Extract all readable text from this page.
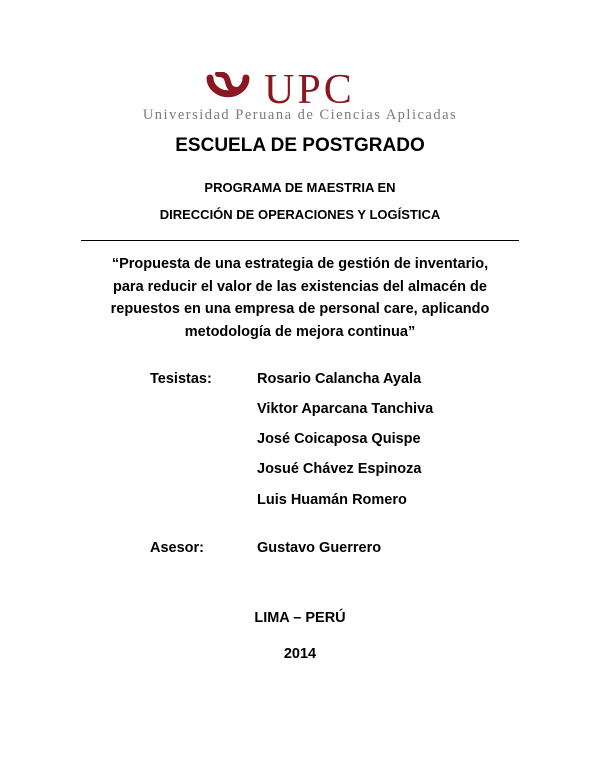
UPC
Universidad Peruana de Ciencias Aplicadas
ESCUELA DE POSTGRADO
PROGRAMA DE MAESTRIA EN
DIRECCIÓN DE OPERACIONES Y LOGÍSTICA
“Propuesta de una estrategia de gestión de inventario,
para reducir el valor de las existencias del almacén de
repuestos en una empresa de personal care, aplicando
metodología de mejora continua”
Tesistas:	Rosario Calancha Ayala
Viktor Aparcana Tanchiva
José Coicaposa Quispe
Josué Chávez Espinoza
Luis Huamán Romero
Asesor:	Gustavo Guerrero
LIMA – PERÚ
2014
